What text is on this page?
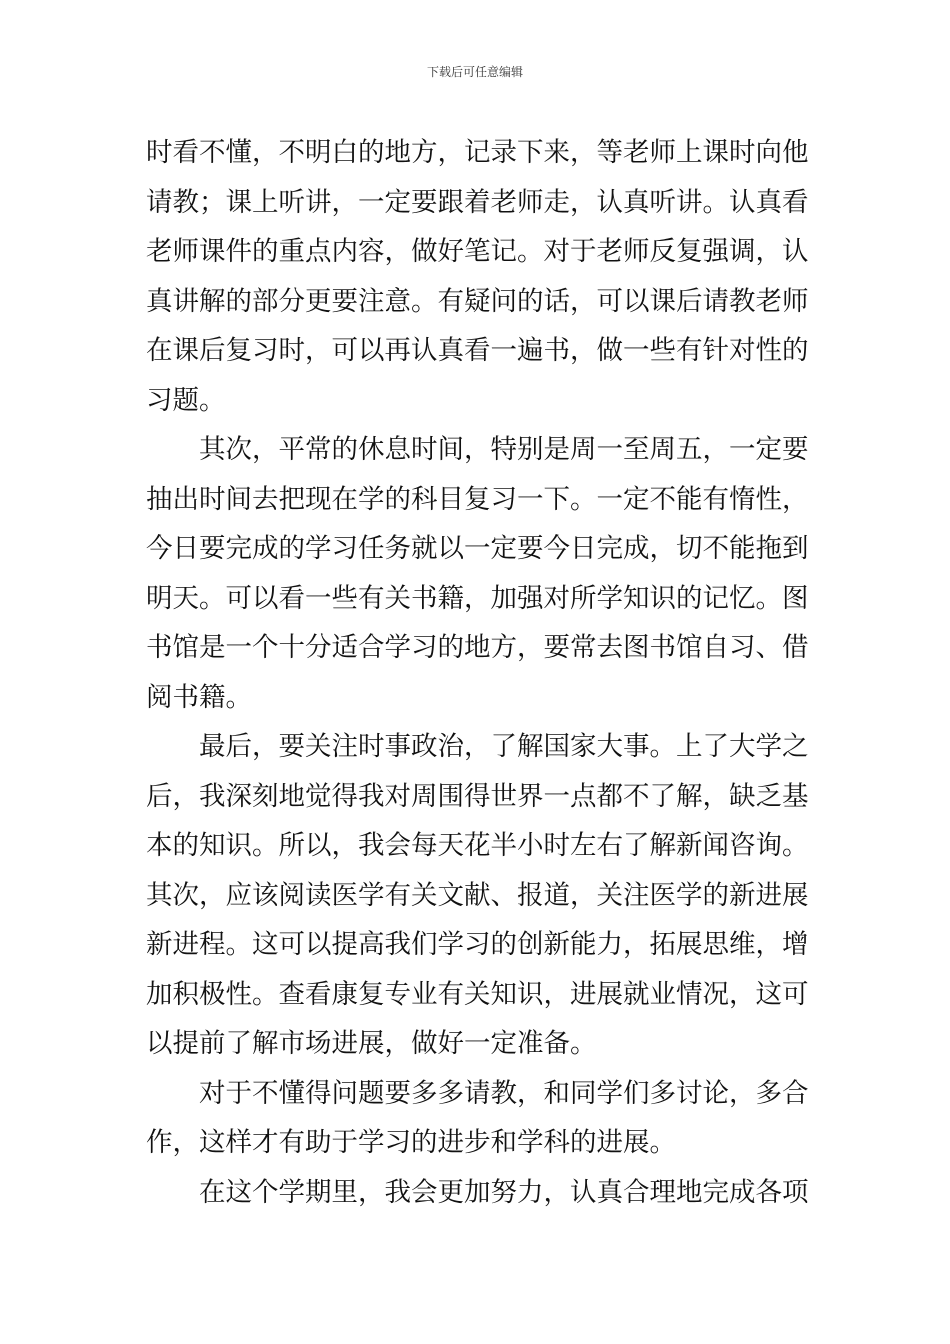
下载后可任意编辑
时看不懂，不明白的地方，记录下来，等老师上课时向他
请教；课上听讲，一定要跟着老师走，认真听讲。认真看
老师课件的重点内容，做好笔记。对于老师反复强调，认
真讲解的部分更要注意。有疑问的话，可以课后请教老师
在课后复习时，可以再认真看一遍书，做一些有针对性的
习题。
其次，平常的休息时间，特别是周一至周五，一定要
抽出时间去把现在学的科目复习一下。一定不能有惰性，
今日要完成的学习任务就以一定要今日完成，切不能拖到
明天。可以看一些有关书籍，加强对所学知识的记忆。图
书馆是一个十分适合学习的地方，要常去图书馆自习、借
阅书籍。
最后，要关注时事政治，了解国家大事。上了大学之
后，我深刻地觉得我对周围得世界一点都不了解，缺乏基
本的知识。所以，我会每天花半小时左右了解新闻咨询。
其次，应该阅读医学有关文献、报道，关注医学的新进展
新进程。这可以提高我们学习的创新能力，拓展思维，增
加积极性。查看康复专业有关知识，进展就业情况，这可
以提前了解市场进展，做好一定准备。
对于不懂得问题要多多请教，和同学们多讨论，多合
作，这样才有助于学习的进步和学科的进展。
在这个学期里，我会更加努力，认真合理地完成各项
